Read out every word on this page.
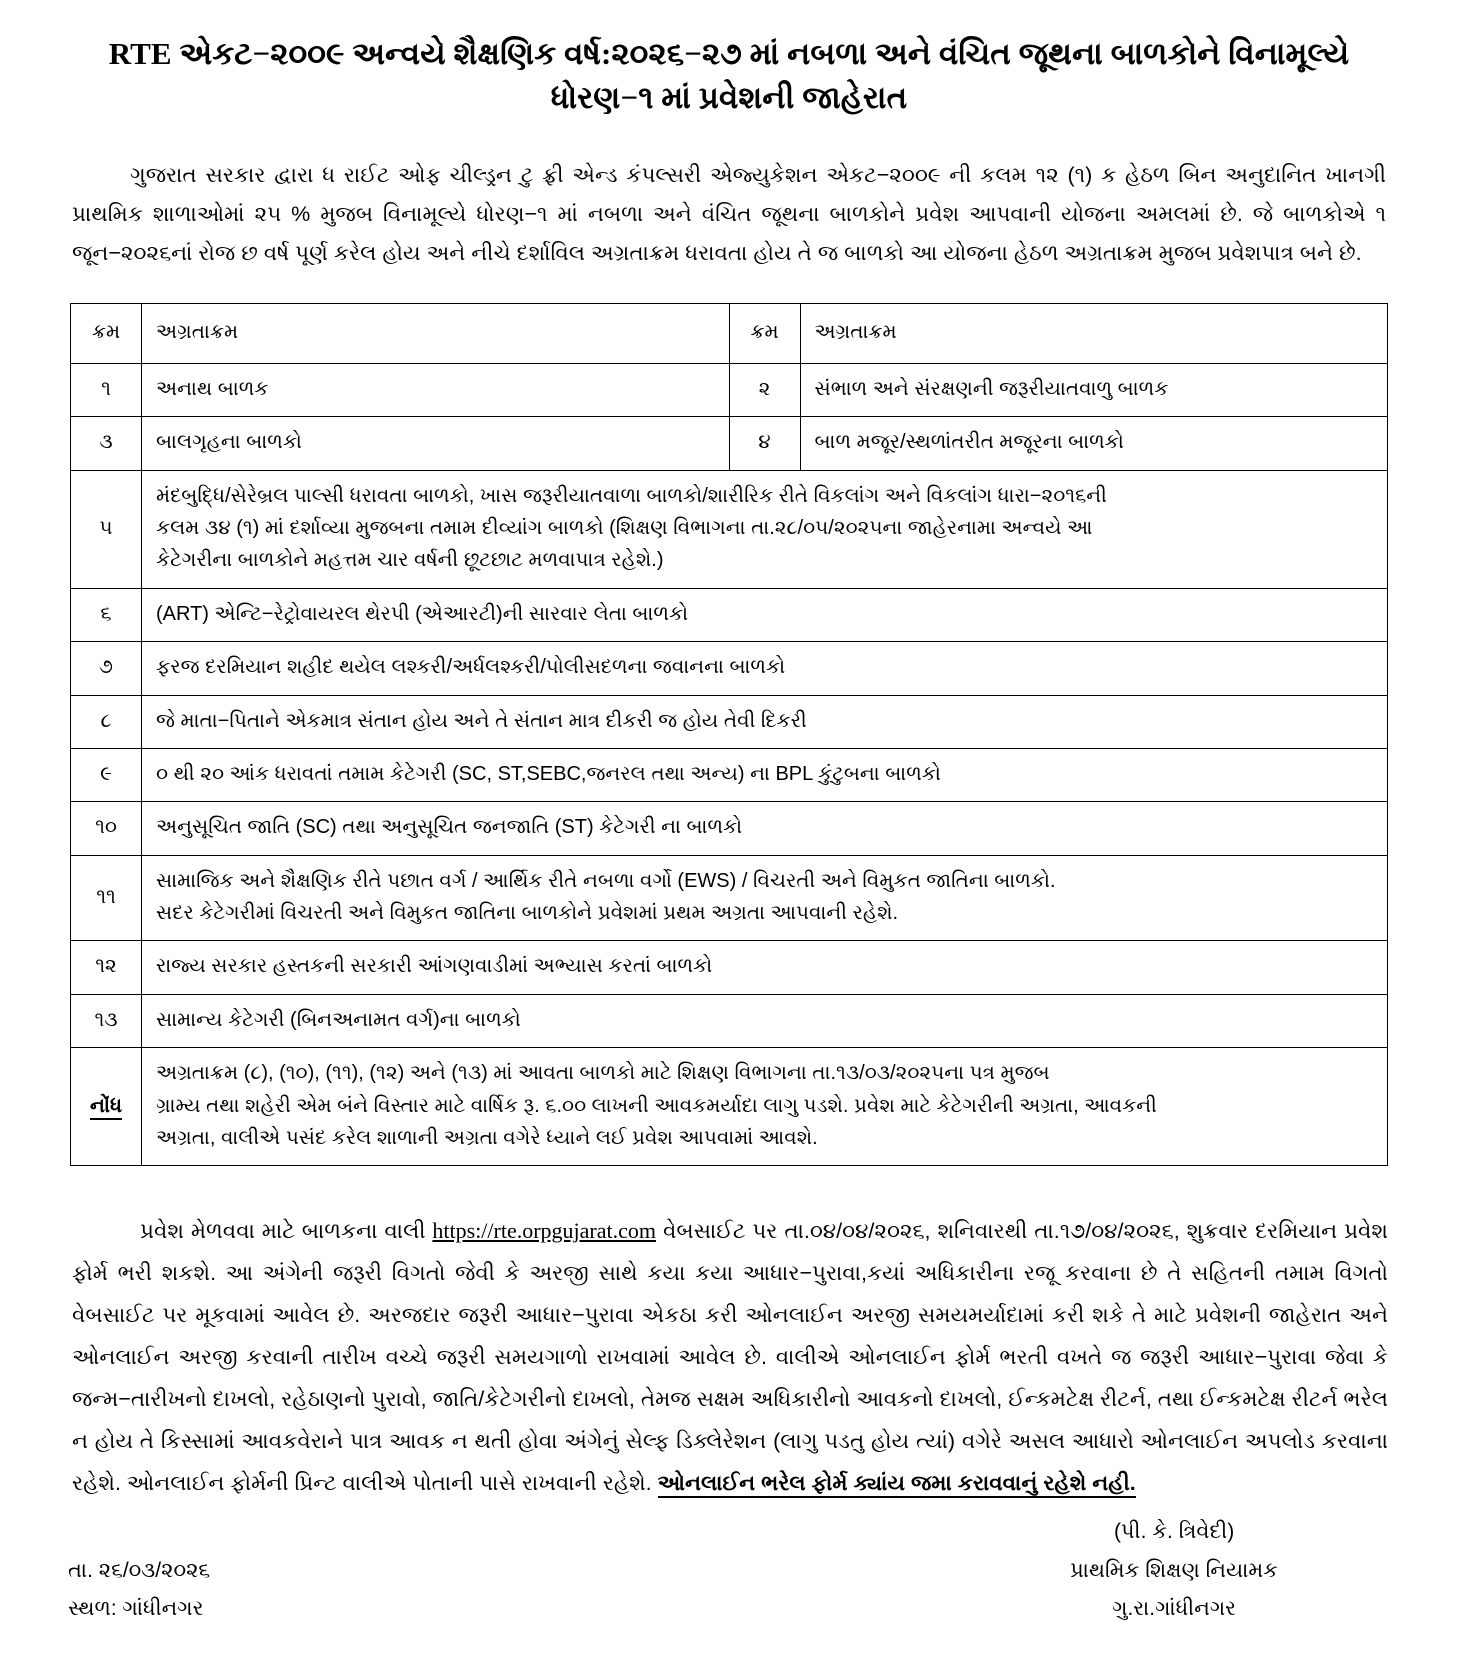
RTE એકટ−૨૦૦૯ અન્વયે શૈક્ષણિક વર્ષ:૨૦૨૬−૨૭ માં નબળા અને વંચિત જૂથના બાળકોને વિનામૂલ્યે
ધોરણ−૧ માં પ્રવેશની જાહેરાત

ગુજરાત સરકાર દ્વારા ધ રાઈટ ઓફ ચીલ્ડ્રન ટુ ફ્રી એન્ડ કંપલ્સરી એજ્યુકેશન એકટ−૨૦૦૯ ની કલમ ૧૨ (૧) ક હેઠળ બિન અનુદાનિત ખાનગી પ્રાથમિક શાળાઓમાં ૨૫ % મુજબ વિનામૂલ્યે ધોરણ−૧ માં નબળા અને વંચિત જૂથના બાળકોને પ્રવેશ આપવાની યોજના અમલમાં છે. જે બાળકોએ ૧ જૂન−૨૦૨૬નાં રોજ છ વર્ષ પૂર્ણ કરેલ હોય અને નીચે દર્શાવિલ અગ્રતાક્રમ ધરાવતા હોય તે જ બાળકો આ યોજના હેઠળ અગ્રતાક્રમ મુજબ પ્રવેશપાત્ર બને છે.

ક્રમ	અગ્રતાક્રમ	ક્રમ	અગ્રતાક્રમ
૧	અનાથ બાળક	૨	સંભાળ અને સંરક્ષણની જરૂરીયાતવાળુ બાળક
૩	બાલગૃહના બાળકો	૪	બાળ મજૂર/સ્થળાંતરીત મજૂરના બાળકો
૫	મંદબુદ્ધિ/સેરેબ્રલ પાલ્સી ધરાવતા બાળકો, ખાસ જરૂરીયાતવાળા બાળકો/શારીરિક રીતે વિકલાંગ અને વિકલાંગ ધારા−૨૦૧૬ની
કલમ ૩૪ (૧) માં દર્શાવ્યા મુજબના તમામ દીવ્યાંગ બાળકો (શિક્ષણ વિભાગના તા.૨૮/૦૫/૨૦૨૫ના જાહેરનામા અન્વયે આ
કેટેગરીના બાળકોને મહત્તમ ચાર વર્ષની છૂટછાટ મળવાપાત્ર રહેશે.)		

૬	(ART) એન્ટિ−રેટ્રોવાયરલ થેરપી (એઆરટી)ની સારવાર લેતા બાળકો		
૭	ફરજ દરમિયાન શહીદ થયેલ લશ્કરી/અર્ધલશ્કરી/પોલીસદળના જવાનના બાળકો		
૮	જે માતા−પિતાને એકમાત્ર સંતાન હોય અને તે સંતાન માત્ર દીકરી જ હોય તેવી દિકરી		
૯	૦ થી ૨૦ આંક ધરાવતાં તમામ કેટેગરી (SC, ST,SEBC,જનરલ તથા અન્ય) ના BPL કુંટુબના બાળકો		
૧૦	અનુસૂચિત જાતિ (SC) તથા અનુસૂચિત જનજાતિ (ST) કેટેગરી ના બાળકો		
૧૧	સામાજિક અને શૈક્ષણિક રીતે પછાત વર્ગ / આર્થિક રીતે નબળા વર્ગો (EWS) / વિચરતી અને વિમુકત જાતિના બાળકો.
સદર કેટેગરીમાં વિચરતી અને વિમુકત જાતિના બાળકોને પ્રવેશમાં પ્રથમ અગ્રતા આપવાની રહેશે.		

૧૨	રાજ્ય સરકાર હસ્તકની સરકારી આંગણવાડીમાં અભ્યાસ કરતાં બાળકો		
૧૩	સામાન્ય કેટેગરી (બિનઅનામત વર્ગ)ના બાળકો		
નોંધ	અગ્રતાક્રમ (૮), (૧૦), (૧૧), (૧૨) અને (૧૩) માં આવતા બાળકો માટે શિક્ષણ વિભાગના તા.૧૩/૦૩/૨૦૨૫ના પત્ર મુજબ
ગ્રામ્ય તથા શહેરી એમ બંને વિસ્તાર માટે વાર્ષિક રૂ. ૬.૦૦ લાખની આવકમર્યાદા લાગુ પડશે. પ્રવેશ માટે કેટેગરીની અગ્રતા, આવકની
અગ્રતા, વાલીએ પસંદ કરેલ શાળાની અગ્રતા વગેરે ધ્યાને લઈ પ્રવેશ આપવામાં આવશે.		

પ્રવેશ મેળવવા માટે બાળકના વાલી https://rte.orpgujarat.com વેબસાઈટ પર તા.૦૪/૦૪/૨૦૨૬, શનિવારથી તા.૧૭/૦૪/૨૦૨૬, શુક્રવાર દરમિયાન પ્રવેશ ફોર્મ ભરી શકશે. આ અંગેની જરૂરી વિગતો જેવી કે અરજી સાથે કયા કયા આધાર−પુરાવા,કયાં અધિકારીના રજૂ કરવાના છે તે સહિતની તમામ વિગતો વેબસાઈટ પર મૂકવામાં આવેલ છે. અરજદાર જરૂરી આધાર−પુરાવા એકઠા કરી ઓનલાઈન અરજી સમયમર્યાદામાં કરી શકે તે માટે પ્રવેશની જાહેરાત અને ઓનલાઈન અરજી કરવાની તારીખ વચ્ચે જરૂરી સમયગાળો રાખવામાં આવેલ છે. વાલીએ ઓનલાઈન ફોર્મ ભરતી વખતે જ જરૂરી આધાર−પુરાવા જેવા કે જન્મ−તારીખનો દાખલો, રહેઠાણનો પુરાવો, જાતિ/કેટેગરીનો દાખલો, તેમજ સક્ષમ અધિકારીનો આવકનો દાખલો, ઈન્કમટેક્ષ રીટર્ન, તથા ઈન્કમટેક્ષ રીટર્ન ભરેલ ન હોય તે કિસ્સામાં આવકવેરાને પાત્ર આવક ન થતી હોવા અંગેનું સેલ્ફ ડિક્લેરેશન (લાગુ પડતુ હોય ત્યાં) વગેરે અસલ આધારો ઓનલાઈન અપલોડ કરવાના રહેશે. ઓનલાઈન ફોર્મની પ્રિન્ટ વાલીએ પોતાની પાસે રાખવાની રહેશે. ઓનલાઈન ભરેલ ફોર્મ ક્યાંય જમા કરાવવાનું રહેશે નહી.

તા. ૨૬/૦૩/૨૦૨૬
સ્થળ: ગાંધીનગર
(પી. કે. ત્રિવેદી)
પ્રાથમિક શિક્ષણ નિયામક
ગુ.રા.ગાંધીનગર
